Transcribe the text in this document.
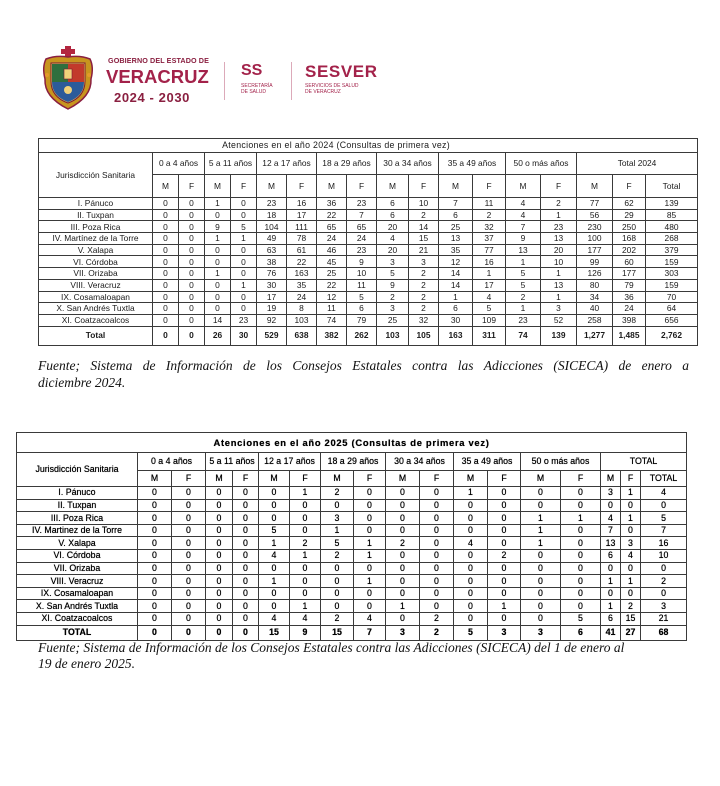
GOBIERNO DEL ESTADO DE
VERACRUZ
2024 - 2030
SS
SECRETARÍA
DE SALUD
SESVER
SERVICIOS DE SALUD
DE VERACRUZ
Atenciones en el año 2024 (Consultas de primera vez)																	
Jurisdicción Sanitaria	0 a 4 años		5 a 11 años		12 a 17 años		18 a 29 años		30 a 34 años		35 a 49 años		50 o más años		Total 2024		
	M	F	M	F	M	F	M	F	M	F	M	F	M	F	M	F	Total
I. Pánuco	0	0	1	0	23	16	36	23	6	10	7	11	4	2	77	62	139
II. Tuxpan	0	0	0	0	18	17	22	7	6	2	6	2	4	1	56	29	85
III. Poza Rica	0	0	9	5	104	111	65	65	20	14	25	32	7	23	230	250	480
IV. Martínez de la Torre	0	0	1	1	49	78	24	24	4	15	13	37	9	13	100	168	268
V. Xalapa	0	0	0	0	63	61	46	23	20	21	35	77	13	20	177	202	379
VI. Córdoba	0	0	0	0	38	22	45	9	3	3	12	16	1	10	99	60	159
VII. Orizaba	0	0	1	0	76	163	25	10	5	2	14	1	5	1	126	177	303
VIII. Veracruz	0	0	0	1	30	35	22	11	9	2	14	17	5	13	80	79	159
IX. Cosamaloapan	0	0	0	0	17	24	12	5	2	2	1	4	2	1	34	36	70
X. San Andrés Tuxtla	0	0	0	0	19	8	11	6	3	2	6	5	1	3	40	24	64
XI. Coatzacoalcos	0	0	14	23	92	103	74	79	25	32	30	109	23	52	258	398	656
Total	0	0	26	30	529	638	382	262	103	105	163	311	74	139	1,277	1,485	2,762
Fuente; Sistema de Información de los Consejos Estatales contra las Adicciones (SICECA) de enero a
diciembre 2024.
Atenciones en el año 2025 (Consultas de primera vez)																	
Jurisdicción Sanitaria	0 a 4 años		5 a 11 años		12 a 17 años		18 a 29 años		30 a 34 años		35 a 49 años		50 o más años		TOTAL		
	M	F	M	F	M	F	M	F	M	F	M	F	M	F	M	F	TOTAL
I. Pánuco	0	0	0	0	0	1	2	0	0	0	1	0	0	0	3	1	4
II. Tuxpan	0	0	0	0	0	0	0	0	0	0	0	0	0	0	0	0	0
III. Poza Rica	0	0	0	0	0	0	3	0	0	0	0	0	1	1	4	1	5
IV. Martinez de la Torre	0	0	0	0	5	0	1	0	0	0	0	0	1	0	7	0	7
V. Xalapa	0	0	0	0	1	2	5	1	2	0	4	0	1	0	13	3	16
VI. Córdoba	0	0	0	0	4	1	2	1	0	0	0	2	0	0	6	4	10
VII. Orizaba	0	0	0	0	0	0	0	0	0	0	0	0	0	0	0	0	0
VIII. Veracruz	0	0	0	0	1	0	0	1	0	0	0	0	0	0	1	1	2
IX. Cosamaloapan	0	0	0	0	0	0	0	0	0	0	0	0	0	0	0	0	0
X. San Andrés Tuxtla	0	0	0	0	0	1	0	0	1	0	0	1	0	0	1	2	3
XI. Coatzacoalcos	0	0	0	0	4	4	2	4	0	2	0	0	0	5	6	15	21
TOTAL	0	0	0	0	15	9	15	7	3	2	5	3	3	6	41	27	68
Fuente; Sistema de Información de los Consejos Estatales contra las Adicciones (SICECA) del 1 de enero al
19 de enero 2025.
